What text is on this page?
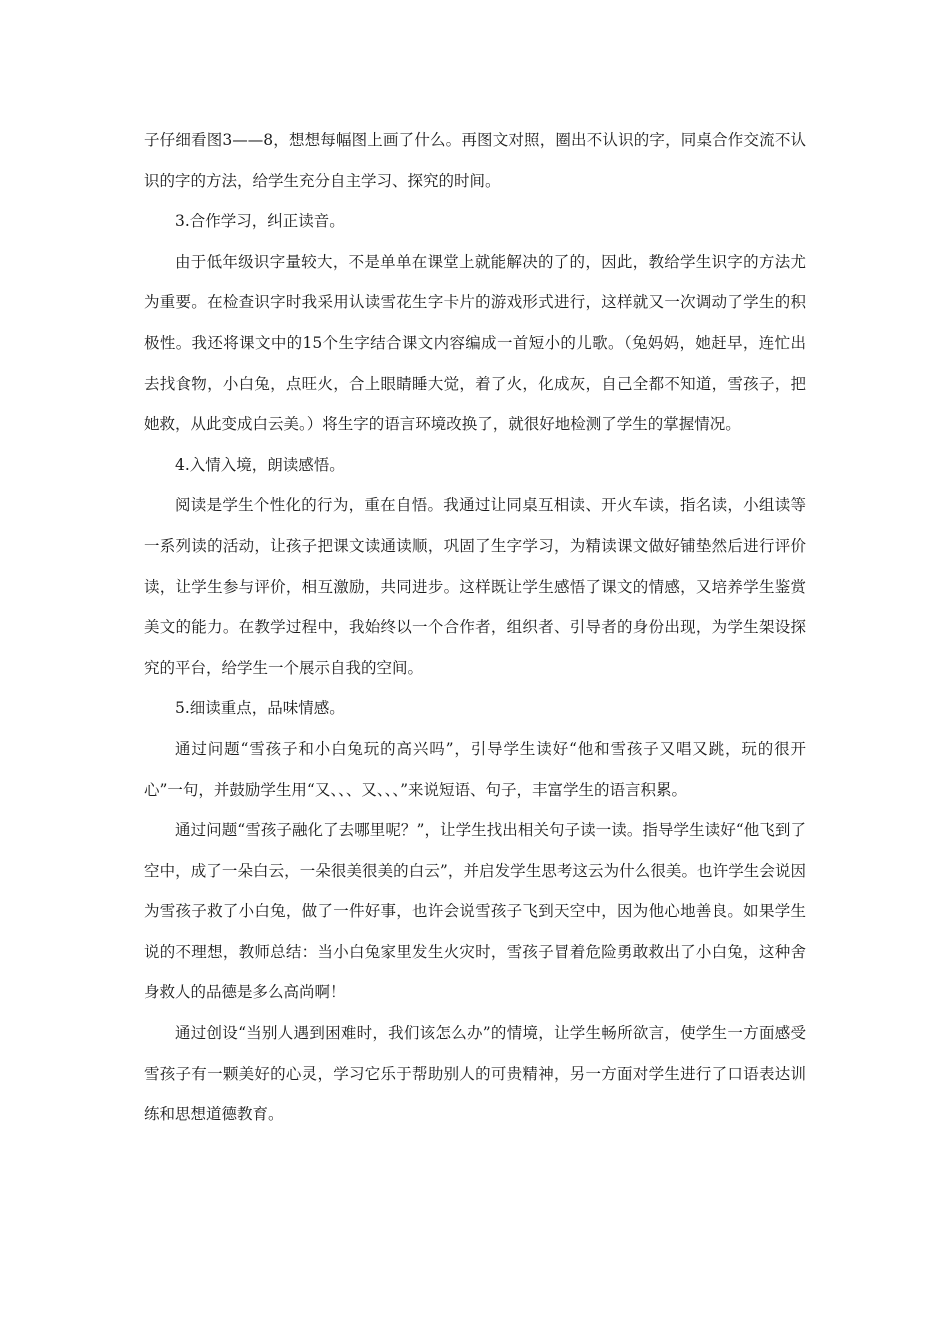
子仔细看图3——8，想想每幅图上画了什么。再图文对照，圈出不认识的字，同桌合作交流不认识的字的方法，给学生充分自主学习、探究的时间。

3.合作学习，纠正读音。

由于低年级识字量较大，不是单单在课堂上就能解决的了的，因此，教给学生识字的方法尤为重要。在检查识字时我采用认读雪花生字卡片的游戏形式进行，这样就又一次调动了学生的积极性。我还将课文中的15个生字结合课文内容编成一首短小的儿歌。（兔妈妈，她赶早，连忙出去找食物，小白兔，点旺火，合上眼睛睡大觉，着了火，化成灰，自己全都不知道，雪孩子，把她救，从此变成白云美。）将生字的语言环境改换了，就很好地检测了学生的掌握情况。

4.入情入境，朗读感悟。

阅读是学生个性化的行为，重在自悟。我通过让同桌互相读、开火车读，指名读，小组读等一系列读的活动，让孩子把课文读通读顺，巩固了生字学习，为精读课文做好铺垫然后进行评价读，让学生参与评价，相互激励，共同进步。这样既让学生感悟了课文的情感，又培养学生鉴赏美文的能力。在教学过程中，我始终以一个合作者，组织者、引导者的身份出现，为学生架设探究的平台，给学生一个展示自我的空间。

5.细读重点，品味情感。

通过问题“雪孩子和小白兔玩的高兴吗”，引导学生读好“他和雪孩子又唱又跳，玩的很开心”一句，并鼓励学生用“又、、、又、、、”来说短语、句子，丰富学生的语言积累。

通过问题“雪孩子融化了去哪里呢？”，让学生找出相关句子读一读。指导学生读好“他飞到了空中，成了一朵白云，一朵很美很美的白云”，并启发学生思考这云为什么很美。也许学生会说因为雪孩子救了小白兔，做了一件好事，也许会说雪孩子飞到天空中，因为他心地善良。如果学生说的不理想，教师总结：当小白兔家里发生火灾时，雪孩子冒着危险勇敢救出了小白兔，这种舍身救人的品德是多么高尚啊！

通过创设“当别人遇到困难时，我们该怎么办”的情境，让学生畅所欲言，使学生一方面感受雪孩子有一颗美好的心灵，学习它乐于帮助别人的可贵精神，另一方面对学生进行了口语表达训练和思想道德教育。
